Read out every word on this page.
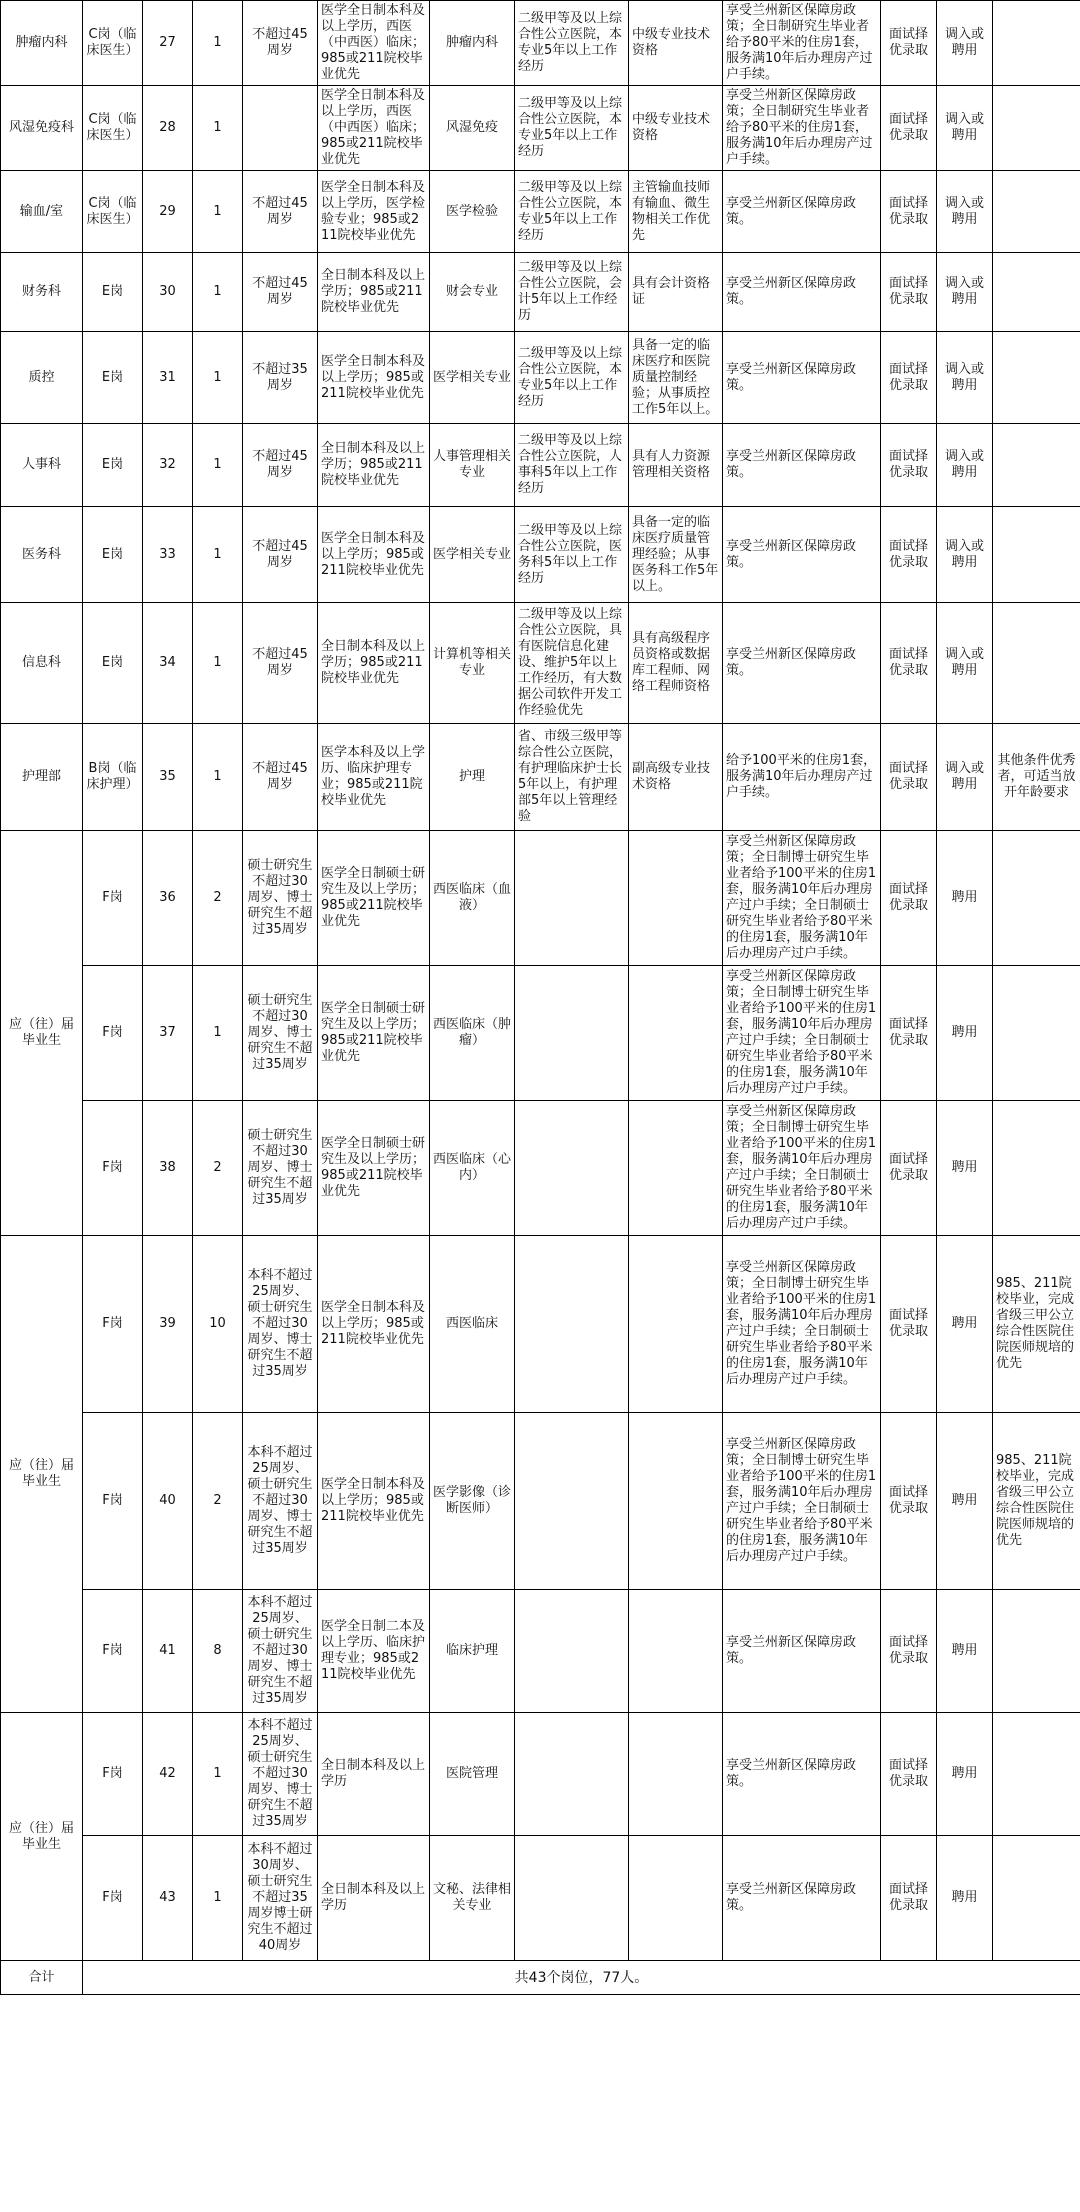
肿瘤内科	C岗（临床医生）	27	1	不超过45周岁	医学全日制本科及以上学历，西医（中西医）临床；985或211院校毕业优先	肿瘤内科	二级甲等及以上综合性公立医院，本专业5年以上工作经历	中级专业技术资格	享受兰州新区保障房政策；全日制研究生毕业者给予80平米的住房1套，服务满10年后办理房产过户手续。	面试择优录取	调入或聘用	
风湿免疫科	C岗（临床医生）	28	1		医学全日制本科及以上学历，西医（中西医）临床；985或211院校毕业优先	风湿免疫	二级甲等及以上综合性公立医院，本专业5年以上工作经历	中级专业技术资格	享受兰州新区保障房政策；全日制研究生毕业者给予80平米的住房1套，服务满10年后办理房产过户手续。	面试择优录取	调入或聘用	
输血/室	C岗（临床医生）	29	1	不超过45周岁	医学全日制本科及以上学历，医学检验专业；985或211院校毕业优先	医学检验	二级甲等及以上综合性公立医院，本专业5年以上工作经历	主管输血技师有输血、微生物相关工作优先	享受兰州新区保障房政策。	面试择优录取	调入或聘用	
财务科	E岗	30	1	不超过45周岁	全日制本科及以上学历；985或211院校毕业优先	财会专业	二级甲等及以上综合性公立医院，会计5年以上工作经历	具有会计资格证	享受兰州新区保障房政策。	面试择优录取	调入或聘用	
质控	E岗	31	1	不超过35周岁	医学全日制本科及以上学历；985或211院校毕业优先	医学相关专业	二级甲等及以上综合性公立医院，本专业5年以上工作经历	具备一定的临床医疗和医院质量控制经验；从事质控工作5年以上。	享受兰州新区保障房政策。	面试择优录取	调入或聘用	
人事科	E岗	32	1	不超过45周岁	全日制本科及以上学历；985或211院校毕业优先	人事管理相关专业	二级甲等及以上综合性公立医院，人事科5年以上工作经历	具有人力资源管理相关资格	享受兰州新区保障房政策。	面试择优录取	调入或聘用	
医务科	E岗	33	1	不超过45周岁	医学全日制本科及以上学历；985或211院校毕业优先	医学相关专业	二级甲等及以上综合性公立医院，医务科5年以上工作经历	具备一定的临床医疗质量管理经验；从事医务科工作5年以上。	享受兰州新区保障房政策。	面试择优录取	调入或聘用	
信息科	E岗	34	1	不超过45周岁	全日制本科及以上学历；985或211院校毕业优先	计算机等相关专业	二级甲等及以上综合性公立医院，具有医院信息化建设、维护5年以上工作经历，有大数据公司软件开发工作经验优先	具有高级程序员资格或数据库工程师、网络工程师资格	享受兰州新区保障房政策。	面试择优录取	调入或聘用	
护理部	B岗（临床护理）	35	1	不超过45周岁	医学本科及以上学历、临床护理专业；985或211院校毕业优先	护理	省、市级三级甲等综合性公立医院，有护理临床护士长5年以上，有护理部5年以上管理经验	副高级专业技术资格	给予100平米的住房1套，服务满10年后办理房产过户手续。	面试择优录取	调入或聘用	其他条件优秀者，可适当放开年龄要求
应（往）届毕业生	F岗	36	2	硕士研究生不超过30周岁、博士研究生不超过35周岁	医学全日制硕士研究生及以上学历；985或211院校毕业优先	西医临床（血液）			享受兰州新区保障房政策；全日制博士研究生毕业者给予100平米的住房1套，服务满10年后办理房产过户手续；全日制硕士研究生毕业者给予80平米的住房1套，服务满10年后办理房产过户手续。	面试择优录取	聘用	
	F岗	37	1	硕士研究生不超过30周岁、博士研究生不超过35周岁	医学全日制硕士研究生及以上学历；985或211院校毕业优先	西医临床（肿瘤）			享受兰州新区保障房政策；全日制博士研究生毕业者给予100平米的住房1套，服务满10年后办理房产过户手续；全日制硕士研究生毕业者给予80平米的住房1套，服务满10年后办理房产过户手续。	面试择优录取	聘用	
	F岗	38	2	硕士研究生不超过30周岁、博士研究生不超过35周岁	医学全日制硕士研究生及以上学历；985或211院校毕业优先	西医临床（心内）			享受兰州新区保障房政策；全日制博士研究生毕业者给予100平米的住房1套，服务满10年后办理房产过户手续；全日制硕士研究生毕业者给予80平米的住房1套，服务满10年后办理房产过户手续。	面试择优录取	聘用	
应（往）届毕业生	F岗	39	10	本科不超过25周岁、硕士研究生不超过30周岁、博士研究生不超过35周岁	医学全日制本科及以上学历；985或211院校毕业优先	西医临床			享受兰州新区保障房政策；全日制博士研究生毕业者给予100平米的住房1套，服务满10年后办理房产过户手续；全日制硕士研究生毕业者给予80平米的住房1套，服务满10年后办理房产过户手续。	面试择优录取	聘用	985、211院校毕业，完成省级三甲公立综合性医院住院医师规培的优先
	F岗	40	2	本科不超过25周岁、硕士研究生不超过30周岁、博士研究生不超过35周岁	医学全日制本科及以上学历；985或211院校毕业优先	医学影像（诊断医师）			享受兰州新区保障房政策；全日制博士研究生毕业者给予100平米的住房1套，服务满10年后办理房产过户手续；全日制硕士研究生毕业者给予80平米的住房1套，服务满10年后办理房产过户手续。	面试择优录取	聘用	985、211院校毕业，完成省级三甲公立综合性医院住院医师规培的优先
	F岗	41	8	本科不超过25周岁、硕士研究生不超过30周岁、博士研究生不超过35周岁	医学全日制二本及以上学历、临床护理专业；985或211院校毕业优先	临床护理			享受兰州新区保障房政策。	面试择优录取	聘用	
应（往）届毕业生	F岗	42	1	本科不超过25周岁、硕士研究生不超过30周岁、博士研究生不超过35周岁	全日制本科及以上学历	医院管理			享受兰州新区保障房政策。	面试择优录取	聘用	
	F岗	43	1	本科不超过30周岁、硕士研究生不超过35周岁博士研究生不超过40周岁	全日制本科及以上学历	文秘、法律相关专业			享受兰州新区保障房政策。	面试择优录取	聘用	
合计	共43个岗位，77人。											
